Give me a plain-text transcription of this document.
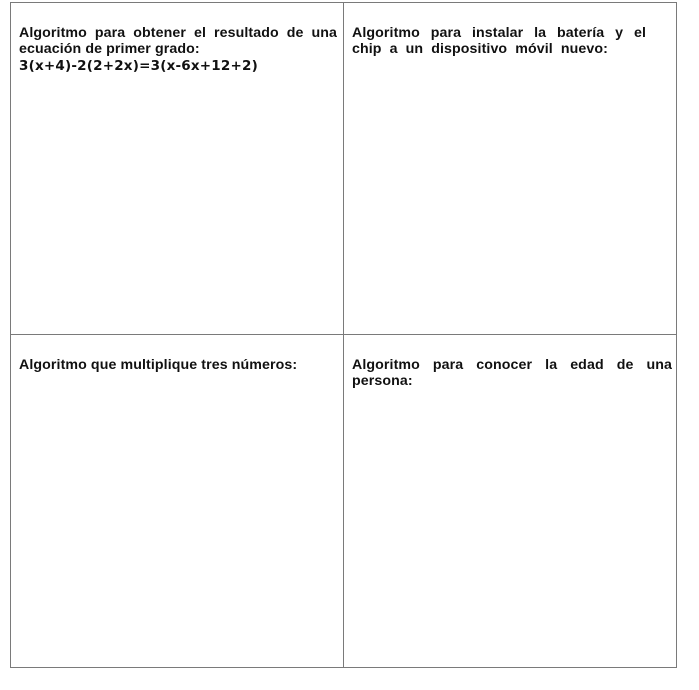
Algoritmo para obtener el resultado de una ecuación de primer grado:

3(x+4)-2(2+2x)=3(x-6x+12+2)

Algoritmo para instalar la batería y el chip a un dispositivo móvil nuevo:

Algoritmo que multiplique tres números:	Algoritmo para conocer la edad de una persona:
